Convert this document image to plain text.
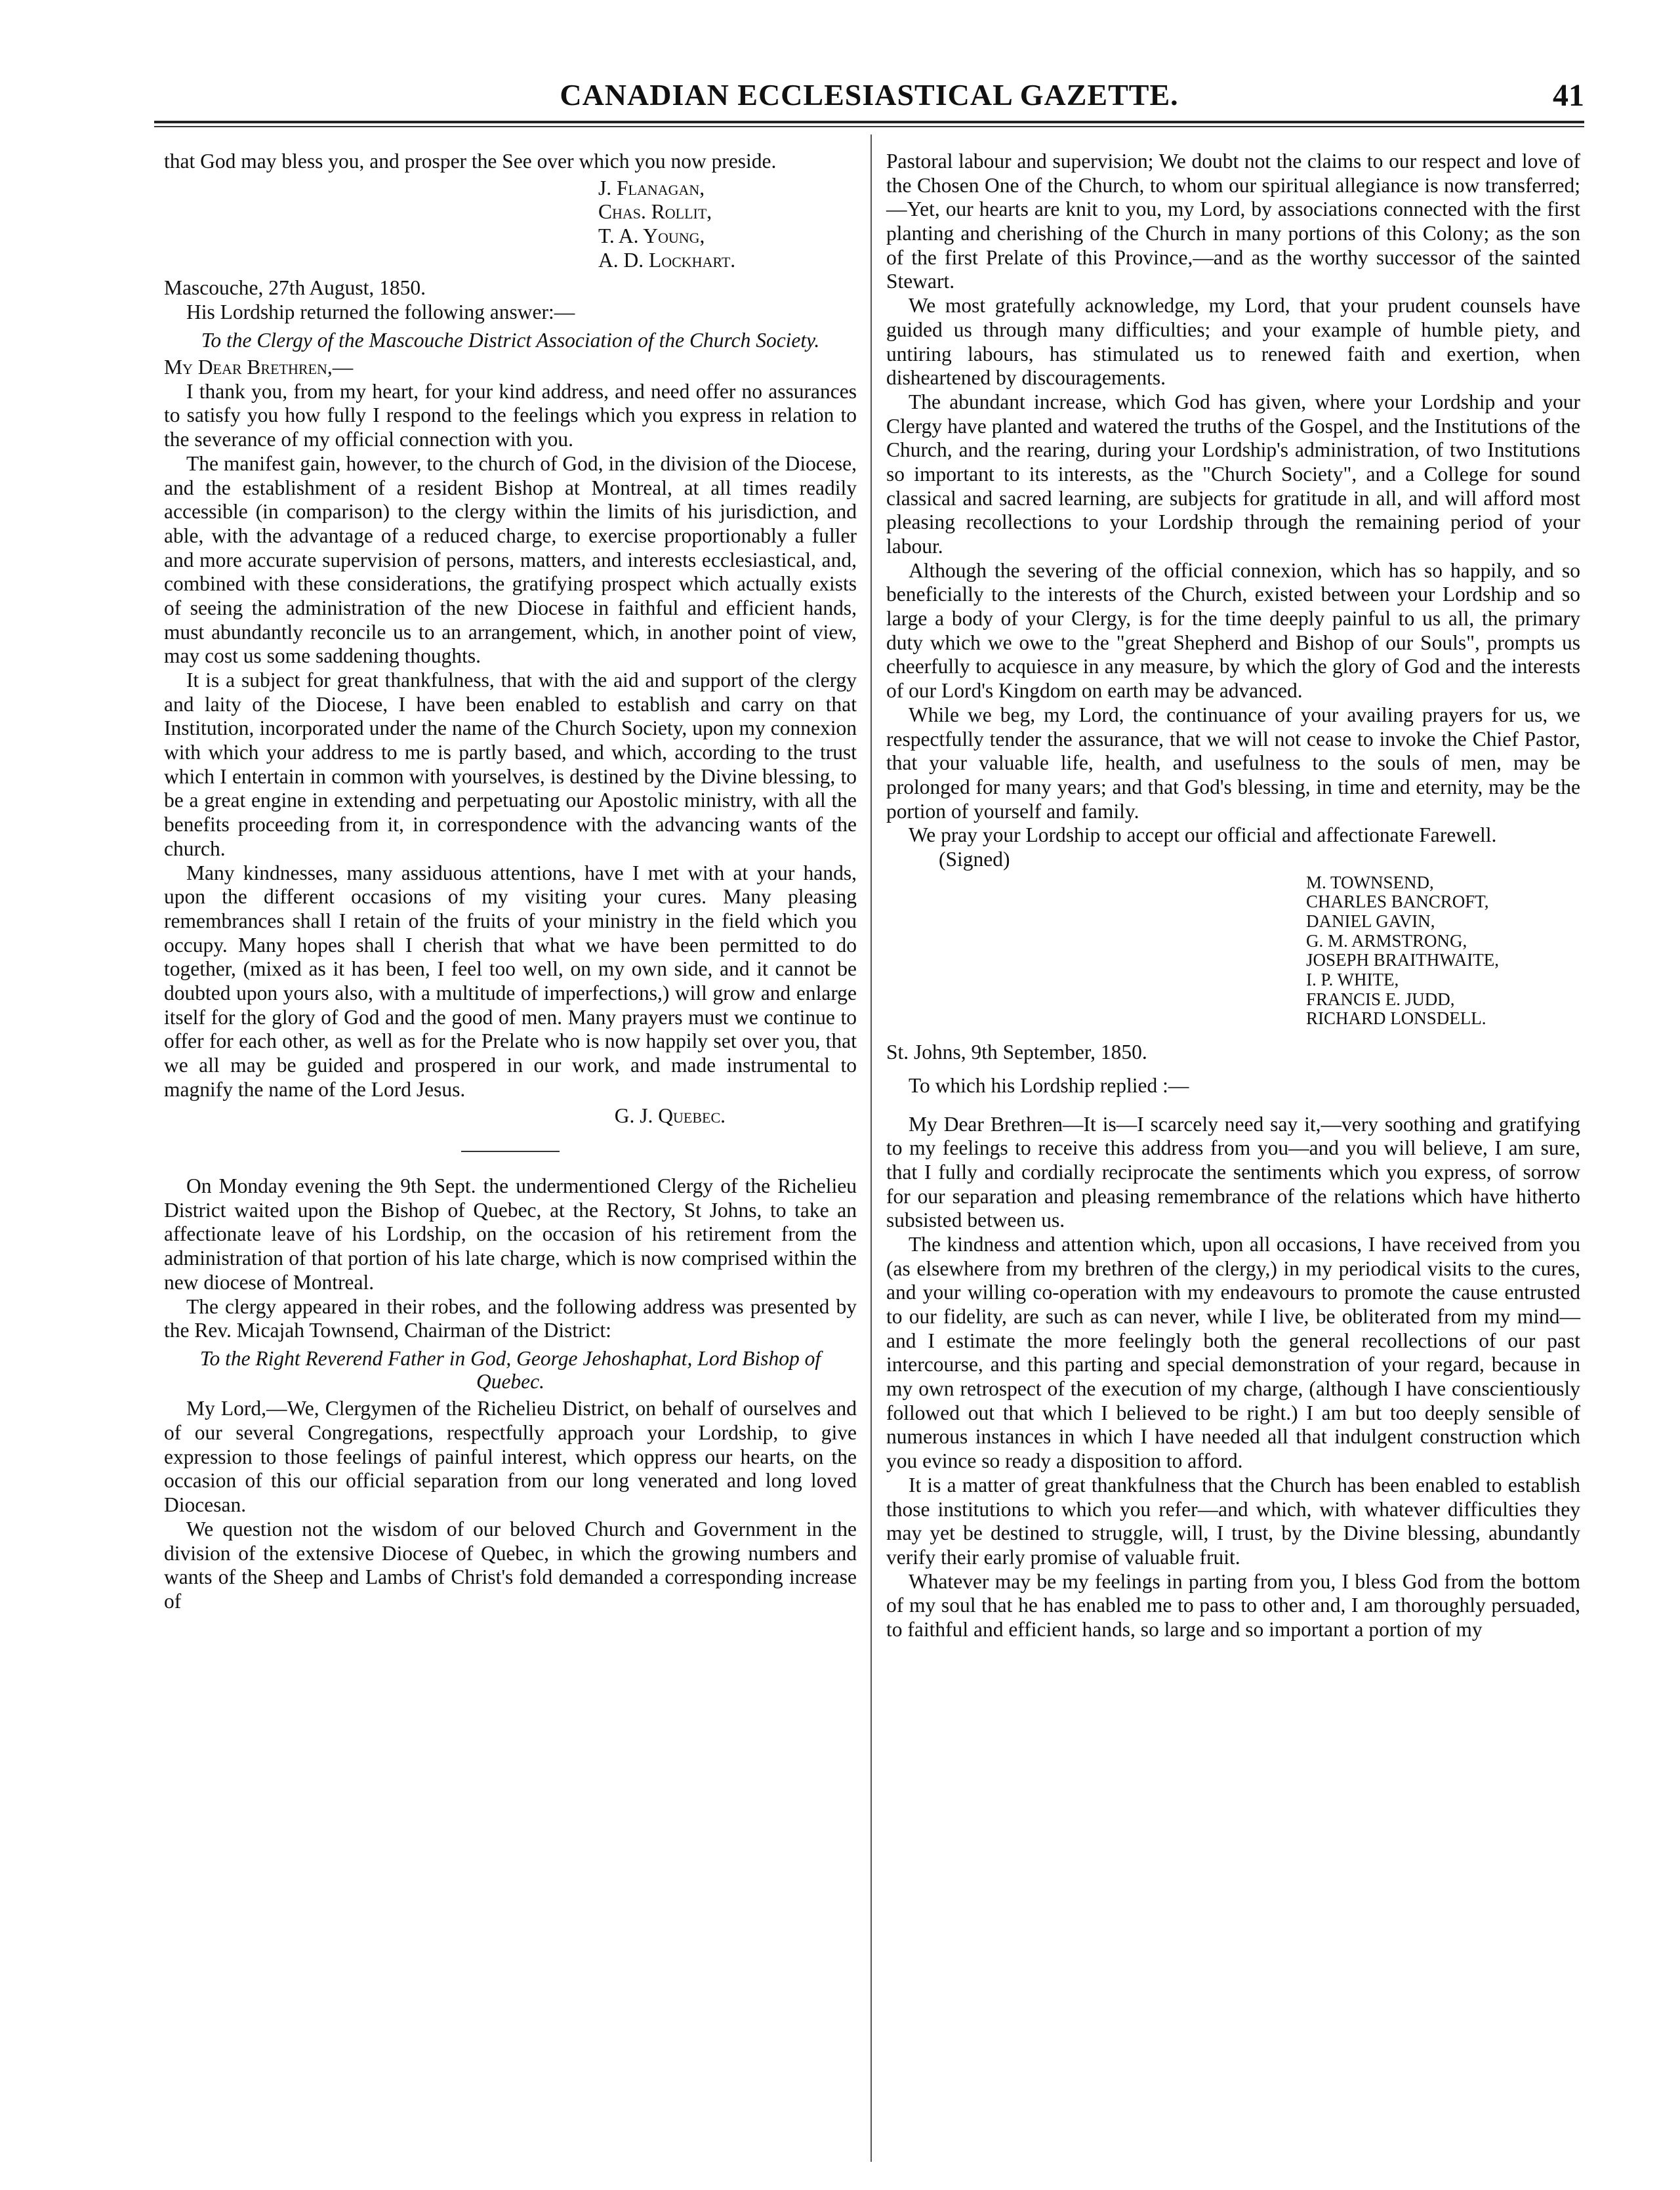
CANADIAN ECCLESIASTICAL GAZETTE.	41

that God may bless you, and prosper the See over which you now preside.

J. Flanagan,
Chas. Rollit,
T. A. Young,
A. D. Lockhart.

Mascouche, 27th August, 1850.

His Lordship returned the following answer:—

To the Clergy of the Mascouche District Association of the Church Society.

My Dear Brethren,—

I thank you, from my heart, for your kind address, and need offer no assurances to satisfy you how fully I respond to the feelings which you express in relation to the severance of my official connection with you.

The manifest gain, however, to the church of God, in the division of the Diocese, and the establishment of a resident Bishop at Montreal, at all times readily accessible (in comparison) to the clergy within the limits of his jurisdiction, and able, with the advantage of a reduced charge, to exercise proportionably a fuller and more accurate supervision of persons, matters, and interests ecclesiastical, and, combined with these considerations, the gratifying prospect which actually exists of seeing the administration of the new Diocese in faithful and efficient hands, must abundantly reconcile us to an arrangement, which, in another point of view, may cost us some saddening thoughts.

It is a subject for great thankfulness, that with the aid and support of the clergy and laity of the Diocese, I have been enabled to establish and carry on that Institution, incorporated under the name of the Church Society, upon my connexion with which your address to me is partly based, and which, according to the trust which I entertain in common with yourselves, is destined by the Divine blessing, to be a great engine in extending and perpetuating our Apostolic ministry, with all the benefits proceeding from it, in correspondence with the advancing wants of the church.

Many kindnesses, many assiduous attentions, have I met with at your hands, upon the different occasions of my visiting your cures. Many pleasing remembrances shall I retain of the fruits of your ministry in the field which you occupy. Many hopes shall I cherish that what we have been permitted to do together, (mixed as it has been, I feel too well, on my own side, and it cannot be doubted upon yours also, with a multitude of imperfections,) will grow and enlarge itself for the glory of God and the good of men. Many prayers must we continue to offer for each other, as well as for the Prelate who is now happily set over you, that we all may be guided and prospered in our work, and made instrumental to magnify the name of the Lord Jesus.

G. J. Quebec.

On Monday evening the 9th Sept. the undermentioned Clergy of the Richelieu District waited upon the Bishop of Quebec, at the Rectory, St Johns, to take an affectionate leave of his Lordship, on the occasion of his retirement from the administration of that portion of his late charge, which is now comprised within the new diocese of Montreal.

The clergy appeared in their robes, and the following address was presented by the Rev. Micajah Townsend, Chairman of the District:

To the Right Reverend Father in God, George Jehoshaphat, Lord Bishop of Quebec.

My Lord,—We, Clergymen of the Richelieu District, on behalf of ourselves and of our several Congregations, respectfully approach your Lordship, to give expression to those feelings of painful interest, which oppress our hearts, on the occasion of this our official separation from our long venerated and long loved Diocesan.

We question not the wisdom of our beloved Church and Government in the division of the extensive Diocese of Quebec, in which the growing numbers and wants of the Sheep and Lambs of Christ's fold demanded a corresponding increase of

Pastoral labour and supervision; We doubt not the claims to our respect and love of the Chosen One of the Church, to whom our spiritual allegiance is now transferred;—Yet, our hearts are knit to you, my Lord, by associations connected with the first planting and cherishing of the Church in many portions of this Colony; as the son of the first Prelate of this Province,—and as the worthy successor of the sainted Stewart.

We most gratefully acknowledge, my Lord, that your prudent counsels have guided us through many difficulties; and your example of humble piety, and untiring labours, has stimulated us to renewed faith and exertion, when disheartened by discouragements.

The abundant increase, which God has given, where your Lordship and your Clergy have planted and watered the truths of the Gospel, and the Institutions of the Church, and the rearing, during your Lordship's administration, of two Institutions so important to its interests, as the "Church Society", and a College for sound classical and sacred learning, are subjects for gratitude in all, and will afford most pleasing recollections to your Lordship through the remaining period of your labour.

Although the severing of the official connexion, which has so happily, and so beneficially to the interests of the Church, existed between your Lordship and so large a body of your Clergy, is for the time deeply painful to us all, the primary duty which we owe to the "great Shepherd and Bishop of our Souls", prompts us cheerfully to acquiesce in any measure, by which the glory of God and the interests of our Lord's Kingdom on earth may be advanced.

While we beg, my Lord, the continuance of your availing prayers for us, we respectfully tender the assurance, that we will not cease to invoke the Chief Pastor, that your valuable life, health, and usefulness to the souls of men, may be prolonged for many years; and that God's blessing, in time and eternity, may be the portion of yourself and family.

We pray your Lordship to accept our official and affectionate Farewell.

(Signed)

M. TOWNSEND,
CHARLES BANCROFT,
DANIEL GAVIN,
G. M. ARMSTRONG,
JOSEPH BRAITHWAITE,
I. P. WHITE,
FRANCIS E. JUDD,
RICHARD LONSDELL.

St. Johns, 9th September, 1850.

To which his Lordship replied :—

My Dear Brethren—It is—I scarcely need say it,—very soothing and gratifying to my feelings to receive this address from you—and you will believe, I am sure, that I fully and cordially reciprocate the sentiments which you express, of sorrow for our separation and pleasing remembrance of the relations which have hitherto subsisted between us.

The kindness and attention which, upon all occasions, I have received from you (as elsewhere from my brethren of the clergy,) in my periodical visits to the cures, and your willing co-operation with my endeavours to promote the cause entrusted to our fidelity, are such as can never, while I live, be obliterated from my mind—and I estimate the more feelingly both the general recollections of our past intercourse, and this parting and special demonstration of your regard, because in my own retrospect of the execution of my charge, (although I have conscientiously followed out that which I believed to be right.) I am but too deeply sensible of numerous instances in which I have needed all that indulgent construction which you evince so ready a disposition to afford.

It is a matter of great thankfulness that the Church has been enabled to establish those institutions to which you refer—and which, with whatever difficulties they may yet be destined to struggle, will, I trust, by the Divine blessing, abundantly verify their early promise of valuable fruit.

Whatever may be my feelings in parting from you, I bless God from the bottom of my soul that he has enabled me to pass to other and, I am thoroughly persuaded, to faithful and efficient hands, so large and so important a portion of my
